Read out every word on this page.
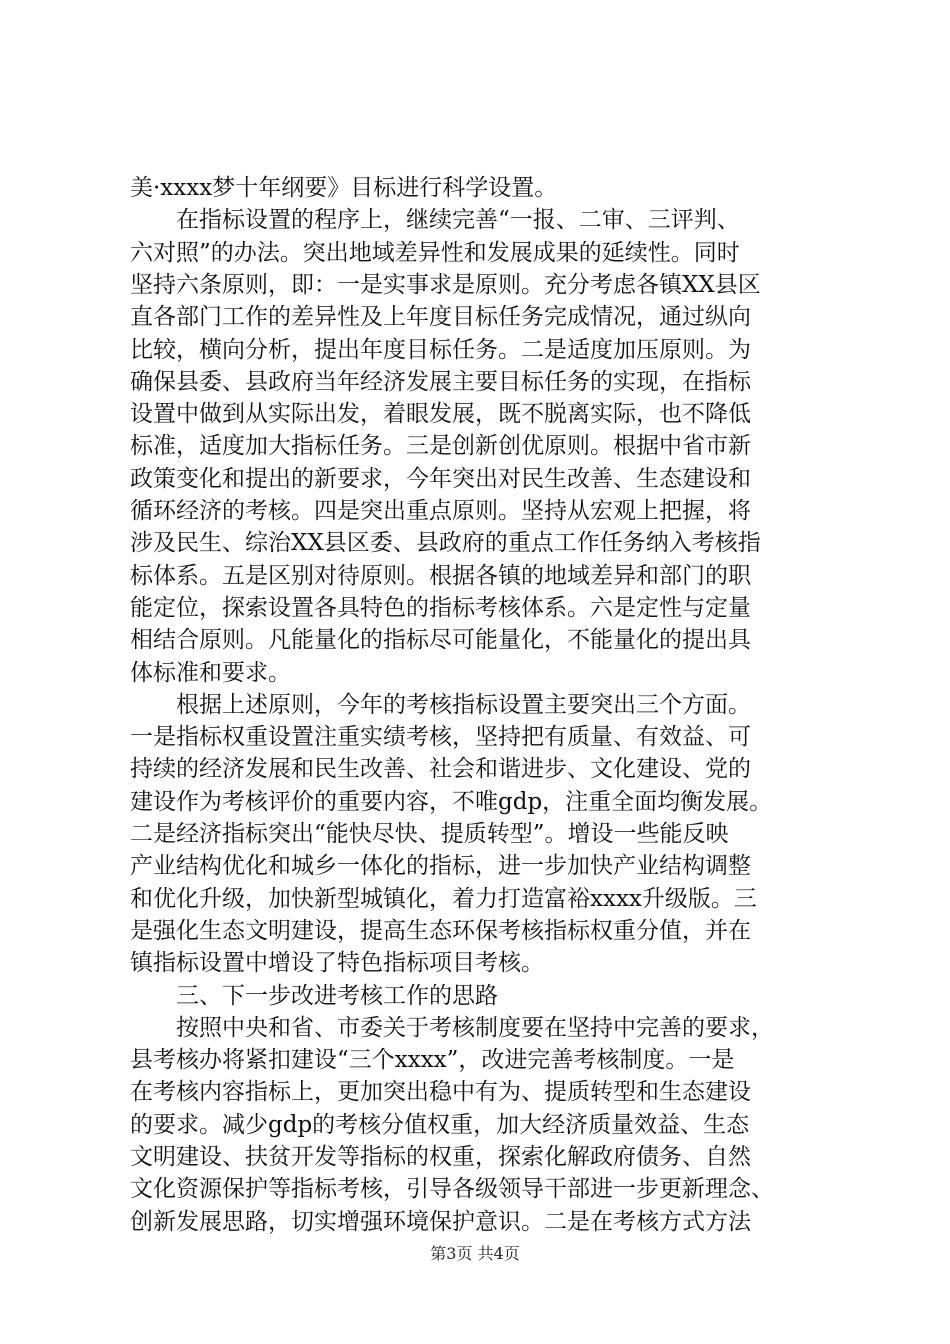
美·xxxx梦十年纲要》目标进行科学设置。
　　在指标设置的程序上，继续完善“一报、二审、三评判、
六对照”的办法。突出地域差异性和发展成果的延续性。同时
坚持六条原则，即：一是实事求是原则。充分考虑各镇XX县区
直各部门工作的差异性及上年度目标任务完成情况，通过纵向
比较，横向分析，提出年度目标任务。二是适度加压原则。为
确保县委、县政府当年经济发展主要目标任务的实现，在指标
设置中做到从实际出发，着眼发展，既不脱离实际，也不降低
标准，适度加大指标任务。三是创新创优原则。根据中省市新
政策变化和提出的新要求，今年突出对民生改善、生态建设和
循环经济的考核。四是突出重点原则。坚持从宏观上把握，将
涉及民生、综治XX县区委、县政府的重点工作任务纳入考核指
标体系。五是区别对待原则。根据各镇的地域差异和部门的职
能定位，探索设置各具特色的指标考核体系。六是定性与定量
相结合原则。凡能量化的指标尽可能量化，不能量化的提出具
体标准和要求。
　　根据上述原则，今年的考核指标设置主要突出三个方面。
一是指标权重设置注重实绩考核，坚持把有质量、有效益、可
持续的经济发展和民生改善、社会和谐进步、文化建设、党的
建设作为考核评价的重要内容，不唯gdp，注重全面均衡发展。
二是经济指标突出“能快尽快、提质转型”。增设一些能反映
产业结构优化和城乡一体化的指标，进一步加快产业结构调整
和优化升级，加快新型城镇化，着力打造富裕xxxx升级版。三
是强化生态文明建设，提高生态环保考核指标权重分值，并在
镇指标设置中增设了特色指标项目考核。
　　三、下一步改进考核工作的思路
　　按照中央和省、市委关于考核制度要在坚持中完善的要求，
县考核办将紧扣建设“三个xxxx”，改进完善考核制度。一是
在考核内容指标上，更加突出稳中有为、提质转型和生态建设
的要求。减少gdp的考核分值权重，加大经济质量效益、生态
文明建设、扶贫开发等指标的权重，探索化解政府债务、自然
文化资源保护等指标考核，引导各级领导干部进一步更新理念、
创新发展思路，切实增强环境保护意识。二是在考核方式方法
第3页 共4页
